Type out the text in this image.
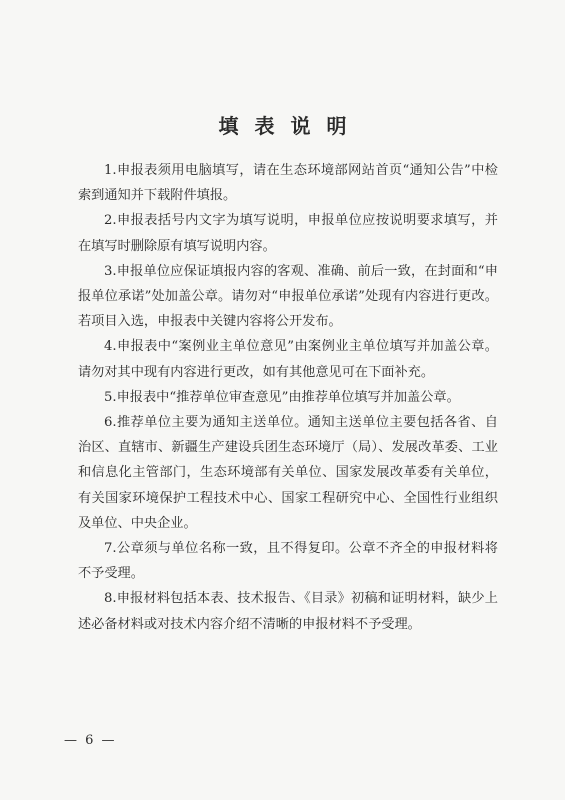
填表说明

1.申报表须用电脑填写，请在生态环境部网站首页“通知公告”中检索到通知并下载附件填报。

2.申报表括号内文字为填写说明，申报单位应按说明要求填写，并在填写时删除原有填写说明内容。

3.申报单位应保证填报内容的客观、准确、前后一致，在封面和“申报单位承诺”处加盖公章。请勿对“申报单位承诺”处现有内容进行更改。若项目入选，申报表中关键内容将公开发布。

4.申报表中“案例业主单位意见”由案例业主单位填写并加盖公章。请勿对其中现有内容进行更改，如有其他意见可在下面补充。

5.申报表中“推荐单位审查意见”由推荐单位填写并加盖公章。

6.推荐单位主要为通知主送单位。通知主送单位主要包括各省、自治区、直辖市、新疆生产建设兵团生态环境厅（局）、发展改革委、工业和信息化主管部门，生态环境部有关单位、国家发展改革委有关单位，有关国家环境保护工程技术中心、国家工程研究中心、全国性行业组织及单位、中央企业。

7.公章须与单位名称一致，且不得复印。公章不齐全的申报材料将不予受理。

8.申报材料包括本表、技术报告、《目录》初稿和证明材料，缺少上述必备材料或对技术内容介绍不清晰的申报材料不予受理。

— 6 —
